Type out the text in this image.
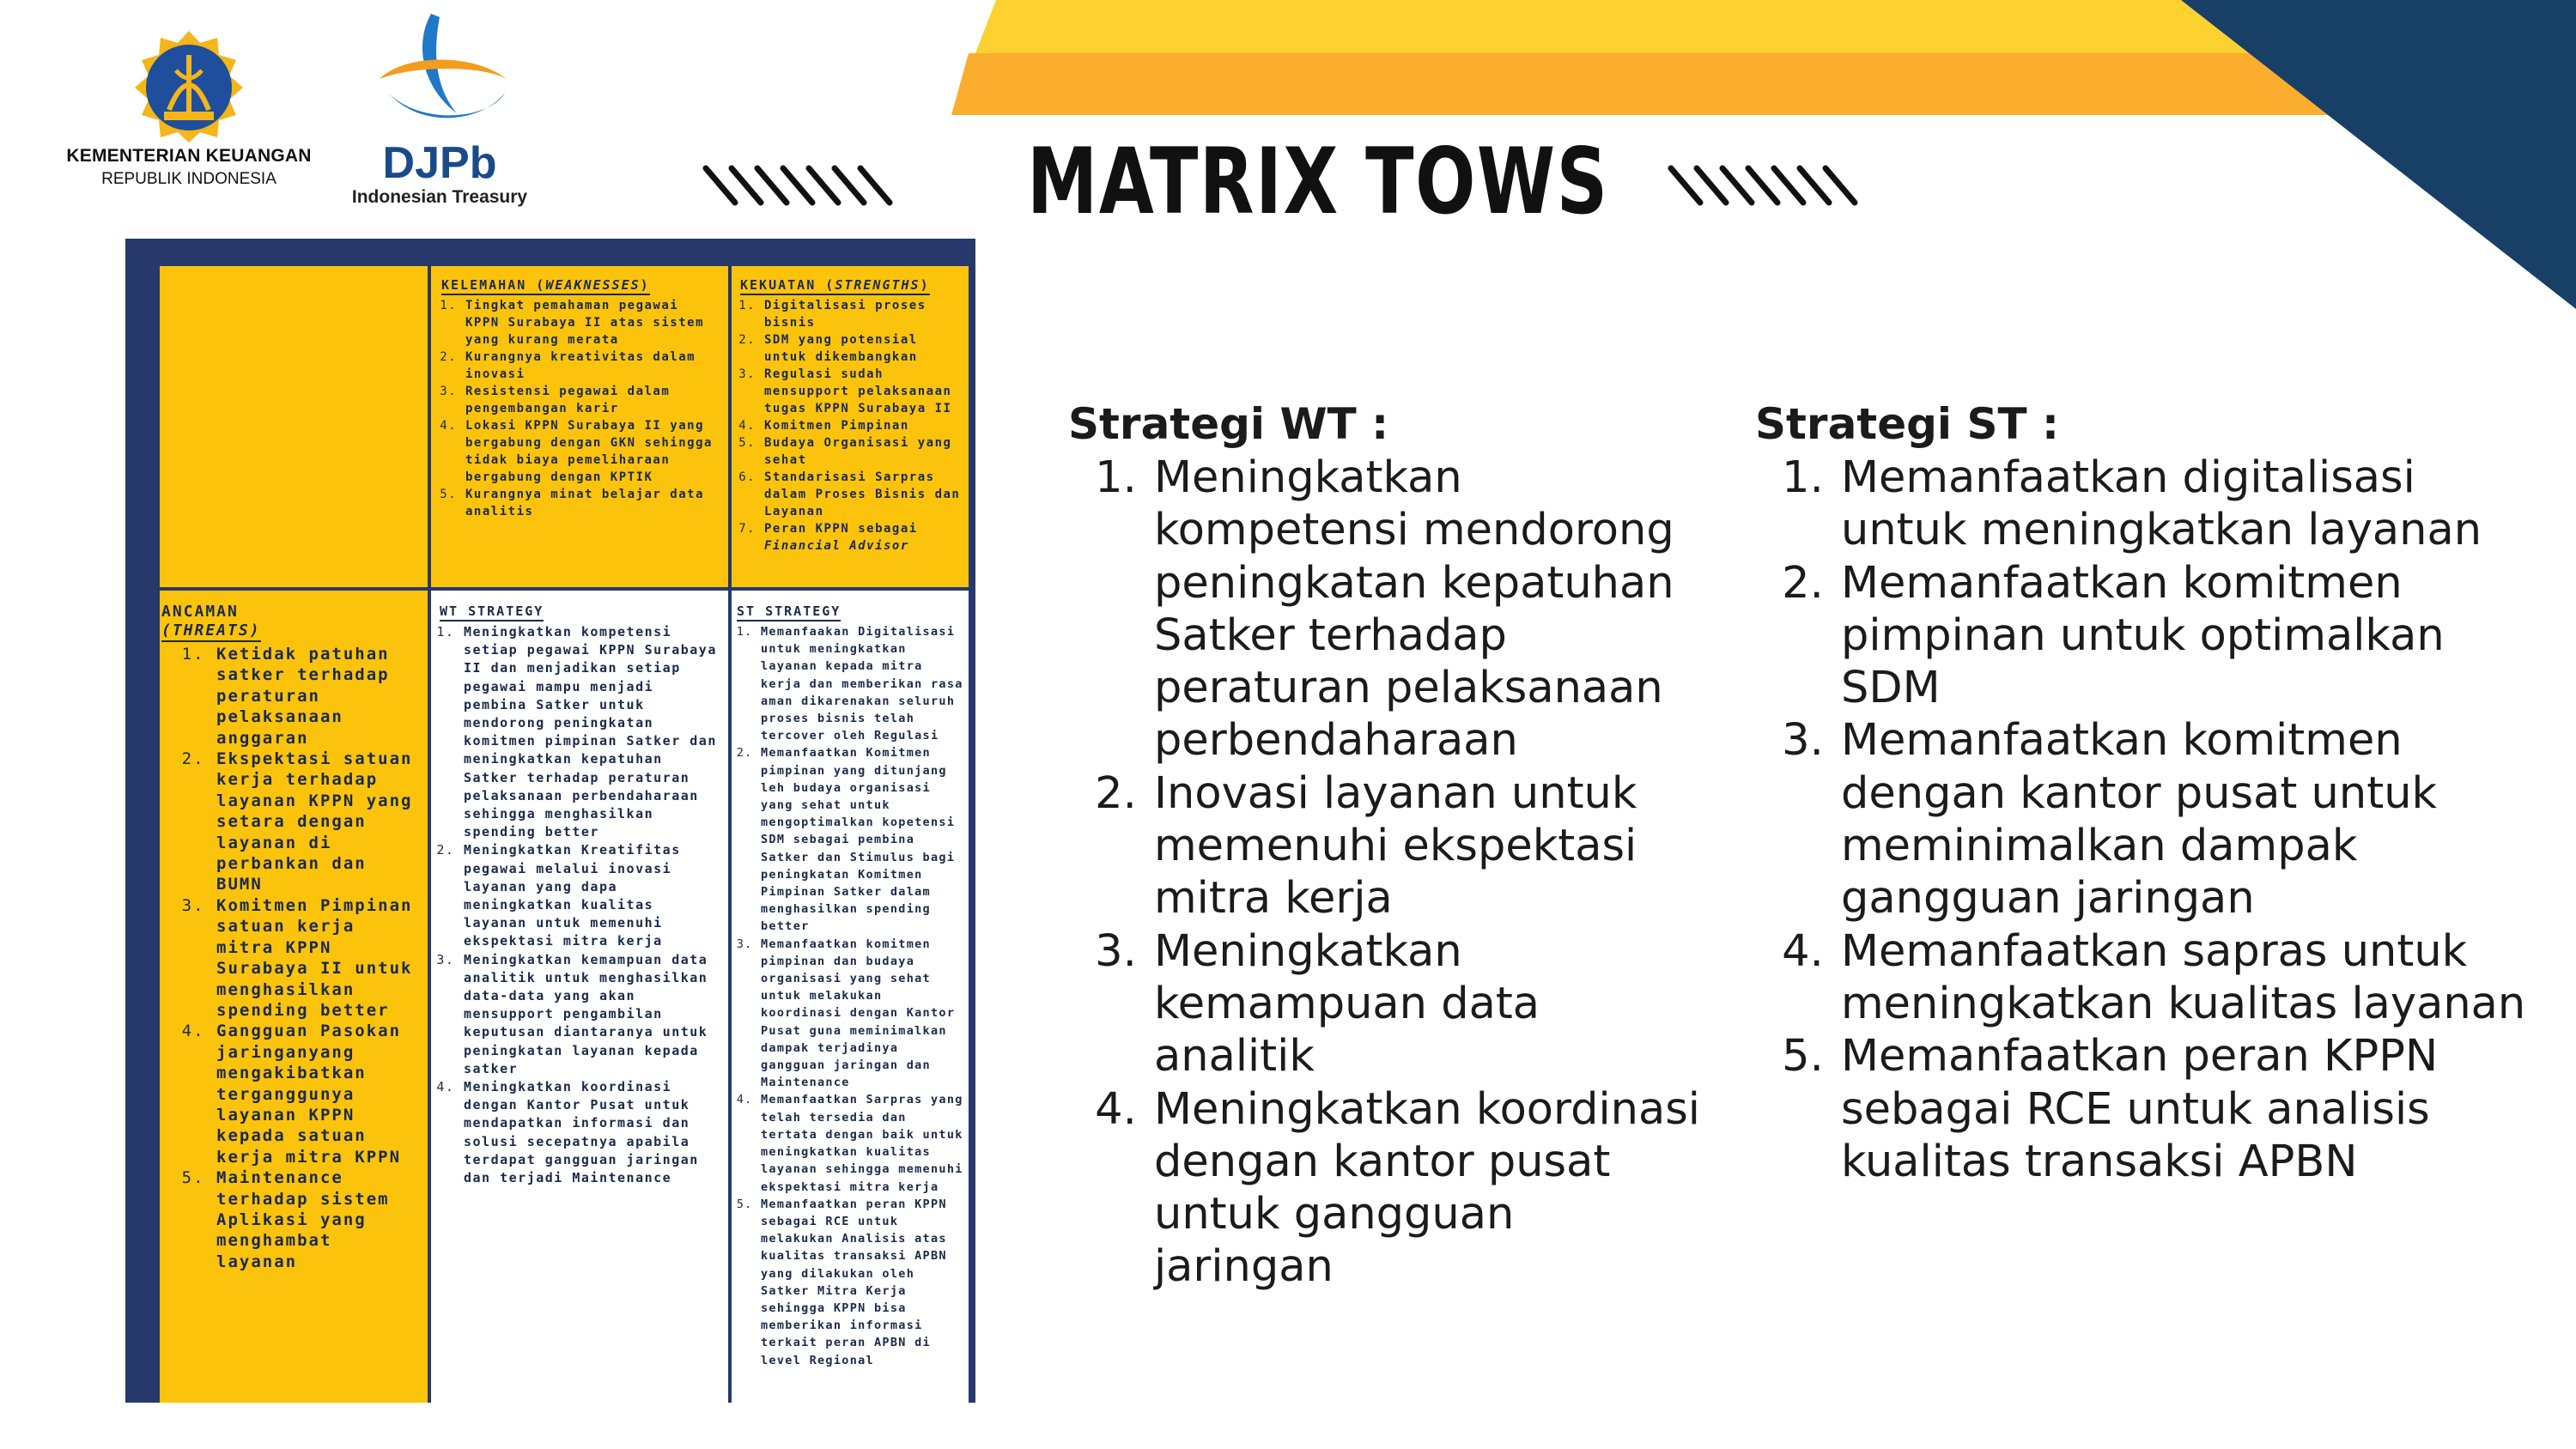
KEMENTERIAN KEUANGAN
REPUBLIK INDONESIA	DJPb
Indonesian Treasury	MATRIX TOWS
KELEMAHAN (WEAKNESSES)
1. Tingkat pemahaman pegawai KPPN Surabaya II atas sistem yang kurang merata
2. Kurangnya kreativitas dalam inovasi
3. Resistensi pegawai dalam pengembangan karir
4. Lokasi KPPN Surabaya II yang bergabung dengan GKN sehingga tidak biaya pemeliharaan bergabung dengan KPTIK
5. Kurangnya minat belajar data analitis
KEKUATAN (STRENGTHS)
1. Digitalisasi proses bisnis
2. SDM yang potensial untuk dikembangkan
3. Regulasi sudah mensupport pelaksanaan tugas KPPN Surabaya II
4. Komitmen Pimpinan
5. Budaya Organisasi yang sehat
6. Standarisasi Sarpras dalam Proses Bisnis dan Layanan
7. Peran KPPN sebagai
Financial Advisor
ANCAMAN
(THREATS)
1. Ketidak patuhan satker terhadap peraturan pelaksanaan anggaran
2. Ekspektasi satuan kerja terhadap layanan KPPN yang setara dengan layanan di perbankan dan BUMN
3. Komitmen Pimpinan satuan kerja mitra KPPN Surabaya II untuk menghasilkan spending better
4. Gangguan Pasokan jaringanyang mengakibatkan terganggunya layanan KPPN kepada satuan kerja mitra KPPN
5. Maintenance terhadap sistem Aplikasi yang menghambat layanan
WT STRATEGY
1. Meningkatkan kompetensi setiap pegawai KPPN Surabaya II dan menjadikan setiap pegawai mampu menjadi pembina Satker untuk mendorong peningkatan komitmen pimpinan Satker dan meningkatkan kepatuhan Satker terhadap peraturan pelaksanaan perbendaharaan sehingga menghasilkan spending better
2. Meningkatkan Kreatifitas pegawai melalui inovasi layanan yang dapa meningkatkan kualitas layanan untuk memenuhi ekspektasi mitra kerja
3. Meningkatkan kemampuan data analitik untuk menghasilkan data-data yang akan mensupport pengambilan keputusan diantaranya untuk peningkatan layanan kepada satker
4. Meningkatkan koordinasi dengan Kantor Pusat untuk mendapatkan informasi dan solusi secepatnya apabila terdapat gangguan jaringan dan terjadi Maintenance
ST STRATEGY
1. Memanfaakan Digitalisasi untuk meningkatkan layanan kepada mitra kerja dan memberikan rasa aman dikarenakan seluruh proses bisnis telah tercover oleh Regulasi
2. Memanfaatkan Komitmen pimpinan yang ditunjang leh budaya organisasi yang sehat untuk mengoptimalkan kopetensi SDM sebagai pembina Satker dan Stimulus bagi peningkatan Komitmen Pimpinan Satker dalam menghasilkan spending better
3. Memanfaatkan komitmen pimpinan dan budaya organisasi yang sehat untuk melakukan koordinasi dengan Kantor Pusat guna meminimalkan dampak terjadinya gangguan jaringan dan Maintenance
4. Memanfaatkan Sarpras yang telah tersedia dan tertata dengan baik untuk meningkatkan kualitas layanan sehingga memenuhi ekspektasi mitra kerja
5. Memanfaatkan peran KPPN sebagai RCE untuk melakukan Analisis atas kualitas transaksi APBN yang dilakukan oleh Satker Mitra Kerja sehingga KPPN bisa memberikan informasi terkait peran APBN di level Regional
Strategi WT :
1. Meningkatkan kompetensi mendorong peningkatan kepatuhan Satker terhadap peraturan pelaksanaan perbendaharaan
2. Inovasi layanan untuk memenuhi ekspektasi mitra kerja
3. Meningkatkan kemampuan data analitik
4. Meningkatkan koordinasi dengan kantor pusat untuk gangguan jaringan
Strategi ST :
1. Memanfaatkan digitalisasi untuk meningkatkan layanan
2. Memanfaatkan komitmen pimpinan untuk optimalkan SDM
3. Memanfaatkan komitmen dengan kantor pusat untuk meminimalkan dampak gangguan jaringan
4. Memanfaatkan sapras untuk meningkatkan kualitas layanan
5. Memanfaatkan peran KPPN sebagai RCE untuk analisis kualitas transaksi APBN
